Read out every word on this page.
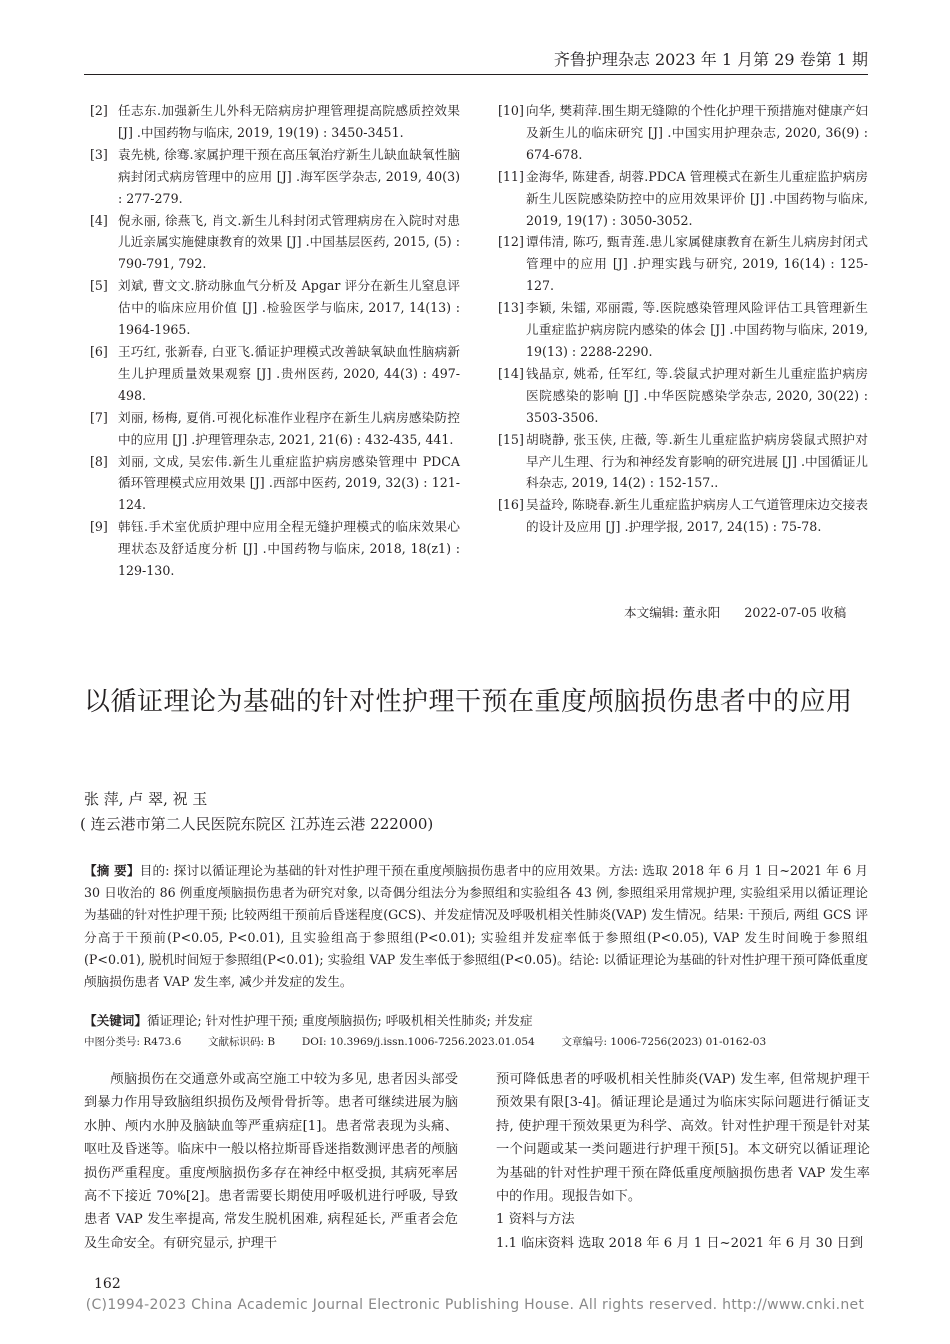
齐鲁护理杂志 2023 年 1 月第 29 卷第 1 期
[2] 任志东.加强新生儿外科无陪病房护理管理提高院感质控效果 [J] .中国药物与临床, 2019, 19(19) : 3450-3451.
[3] 袁先桃, 徐骞.家属护理干预在高压氧治疗新生儿缺血缺氧性脑病封闭式病房管理中的应用 [J] .海军医学杂志, 2019, 40(3) : 277-279.
[4] 倪永丽, 徐燕飞, 肖文.新生儿科封闭式管理病房在入院时对患儿近亲属实施健康教育的效果 [J] .中国基层医药, 2015, (5) : 790-791, 792.
[5] 刘斌, 曹文文.脐动脉血气分析及 Apgar 评分在新生儿窒息评估中的临床应用价值 [J] .检验医学与临床, 2017, 14(13) : 1964-1965.
[6] 王巧红, 张新春, 白亚飞.循证护理模式改善缺氧缺血性脑病新生儿护理质量效果观察 [J] .贵州医药, 2020, 44(3) : 497-498.
[7] 刘丽, 杨梅, 夏俏.可视化标准作业程序在新生儿病房感染防控中的应用 [J] .护理管理杂志, 2021, 21(6) : 432-435, 441.
[8] 刘丽, 文成, 吴宏伟.新生儿重症监护病房感染管理中 PDCA 循环管理模式应用效果 [J] .西部中医药, 2019, 32(3) : 121-124.
[9] 韩钰.手术室优质护理中应用全程无缝护理模式的临床效果心理状态及舒适度分析 [J] .中国药物与临床, 2018, 18(z1) : 129-130.
[10] 向华, 樊莉萍.围生期无缝隙的个性化护理干预措施对健康产妇及新生儿的临床研究 [J] .中国实用护理杂志, 2020, 36(9) : 674-678.
[11] 金海华, 陈建香, 胡蓉.PDCA 管理模式在新生儿重症监护病房新生儿医院感染防控中的应用效果评价 [J] .中国药物与临床, 2019, 19(17) : 3050-3052.
[12] 谭伟清, 陈巧, 甄青莲.患儿家属健康教育在新生儿病房封闭式管理中的应用 [J] .护理实践与研究, 2019, 16(14) : 125-127.
[13] 李颖, 朱镭, 邓丽霞, 等.医院感染管理风险评估工具管理新生儿重症监护病房院内感染的体会 [J] .中国药物与临床, 2019, 19(13) : 2288-2290.
[14] 钱晶京, 姚希, 任军红, 等.袋鼠式护理对新生儿重症监护病房医院感染的影响 [J] .中华医院感染学杂志, 2020, 30(22) : 3503-3506.
[15] 胡晓静, 张玉侠, 庄薇, 等.新生儿重症监护病房袋鼠式照护对早产儿生理、行为和神经发育影响的研究进展 [J] .中国循证儿科杂志, 2019, 14(2) : 152-157..
[16] 吴益玲, 陈晓春.新生儿重症监护病房人工气道管理床边交接表的设计及应用 [J] .护理学报, 2017, 24(15) : 75-78.
本文编辑: 董永阳      2022-07-05 收稿
以循证理论为基础的针对性护理干预在重度颅脑损伤患者中的应用
张 萍, 卢 翠, 祝 玉
( 连云港市第二人民医院东院区 江苏连云港 222000)
【摘 要】目的: 探讨以循证理论为基础的针对性护理干预在重度颅脑损伤患者中的应用效果。方法: 选取 2018 年 6 月 1 日~2021 年 6 月 30 日收治的 86 例重度颅脑损伤患者为研究对象, 以奇偶分组法分为参照组和实验组各 43 例, 参照组采用常规护理, 实验组采用以循证理论为基础的针对性护理干预; 比较两组干预前后昏迷程度(GCS)、并发症情况及呼吸机相关性肺炎(VAP) 发生情况。结果: 干预后, 两组 GCS 评分高于干预前(P<0.05, P<0.01), 且实验组高于参照组(P<0.01); 实验组并发症率低于参照组(P<0.05), VAP 发生时间晚于参照组(P<0.01), 脱机时间短于参照组(P<0.01); 实验组 VAP 发生率低于参照组(P<0.05)。结论: 以循证理论为基础的针对性护理干预可降低重度颅脑损伤患者 VAP 发生率, 减少并发症的发生。
【关键词】循证理论; 针对性护理干预; 重度颅脑损伤; 呼吸机相关性肺炎; 并发症
中图分类号: R473.6        文献标识码: B        DOI: 10.3969/j.issn.1006-7256.2023.01.054        文章编号: 1006-7256(2023) 01-0162-03

颅脑损伤在交通意外或高空施工中较为多见, 患者因头部受到暴力作用导致脑组织损伤及颅骨骨折等。患者可继续进展为脑水肿、颅内水肿及脑缺血等严重病症[1]。患者常表现为头痛、呕吐及昏迷等。临床中一般以格拉斯哥昏迷指数测评患者的颅脑损伤严重程度。重度颅脑损伤多存在神经中枢受损, 其病死率居高不下接近 70%[2]。患者需要长期使用呼吸机进行呼吸, 导致患者 VAP 发生率提高, 常发生脱机困难, 病程延长, 严重者会危及生命安全。有研究显示, 护理干

预可降低患者的呼吸机相关性肺炎(VAP) 发生率, 但常规护理干预效果有限[3-4]。循证理论是通过为临床实际问题进行循证支持, 使护理干预效果更为科学、高效。针对性护理干预是针对某一个问题或某一类问题进行护理干预[5]。本文研究以循证理论为基础的针对性护理干预在降低重度颅脑损伤患者 VAP 发生率中的作用。现报告如下。

1 资料与方法

1.1 临床资料 选取 2018 年 6 月 1 日~2021 年 6 月 30 日到

162
(C)1994-2023 China Academic Journal Electronic Publishing House. All rights reserved. http://www.cnki.net
